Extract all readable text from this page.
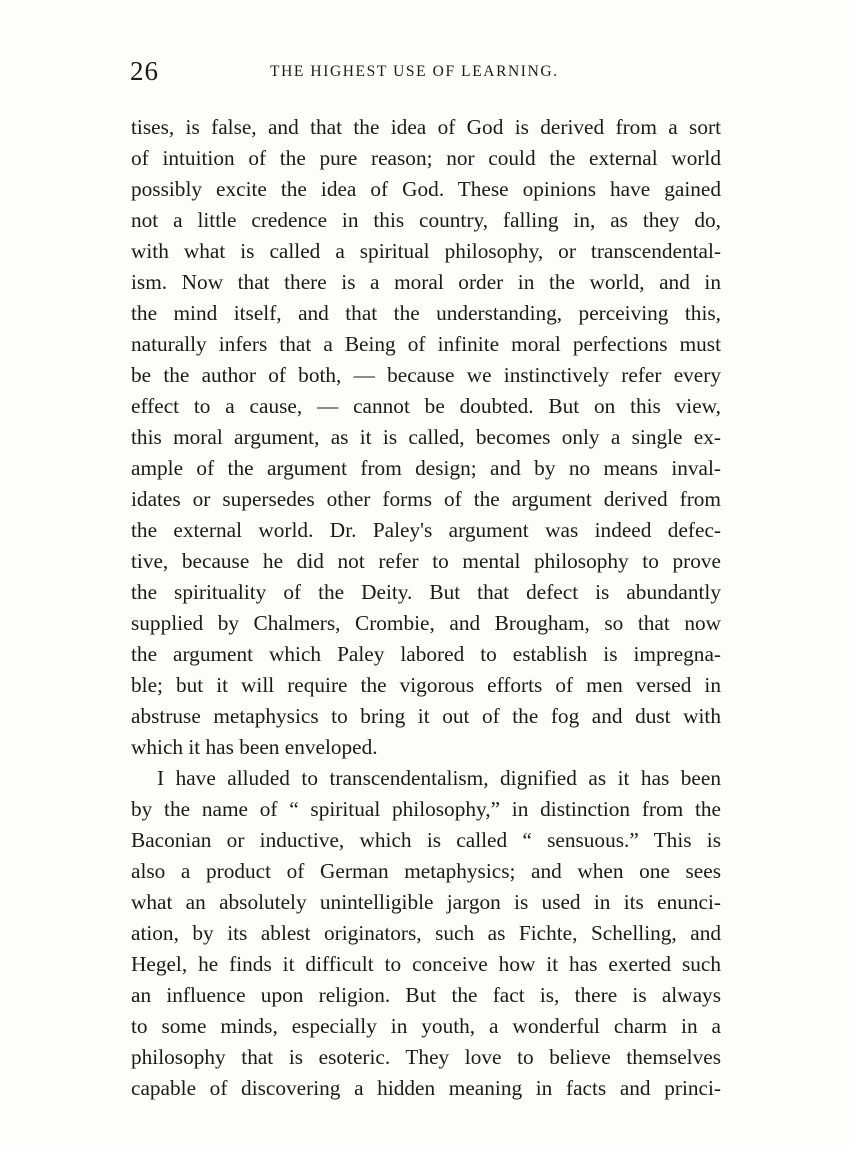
26	THE HIGHEST USE OF LEARNING.
tises, is false, and that the idea of God is derived from a sort
of intuition of the pure reason; nor could the external world
possibly excite the idea of God. These opinions have gained
not a little credence in this country, falling in, as they do,
with what is called a spiritual philosophy, or transcendental-
ism. Now that there is a moral order in the world, and in
the mind itself, and that the understanding, perceiving this,
naturally infers that a Being of infinite moral perfections must
be the author of both, — because we instinctively refer every
effect to a cause, — cannot be doubted. But on this view,
this moral argument, as it is called, becomes only a single ex-
ample of the argument from design; and by no means inval-
idates or supersedes other forms of the argument derived from
the external world. Dr. Paley's argument was indeed defec-
tive, because he did not refer to mental philosophy to prove
the spirituality of the Deity. But that defect is abundantly
supplied by Chalmers, Crombie, and Brougham, so that now
the argument which Paley labored to establish is impregna-
ble; but it will require the vigorous efforts of men versed in
abstruse metaphysics to bring it out of the fog and dust with
which it has been enveloped.
I have alluded to transcendentalism, dignified as it has been
by the name of “ spiritual philosophy,” in distinction from the
Baconian or inductive, which is called “ sensuous.” This is
also a product of German metaphysics; and when one sees
what an absolutely unintelligible jargon is used in its enunci-
ation, by its ablest originators, such as Fichte, Schelling, and
Hegel, he finds it difficult to conceive how it has exerted such
an influence upon religion. But the fact is, there is always
to some minds, especially in youth, a wonderful charm in a
philosophy that is esoteric. They love to believe themselves
capable of discovering a hidden meaning in facts and princi-
